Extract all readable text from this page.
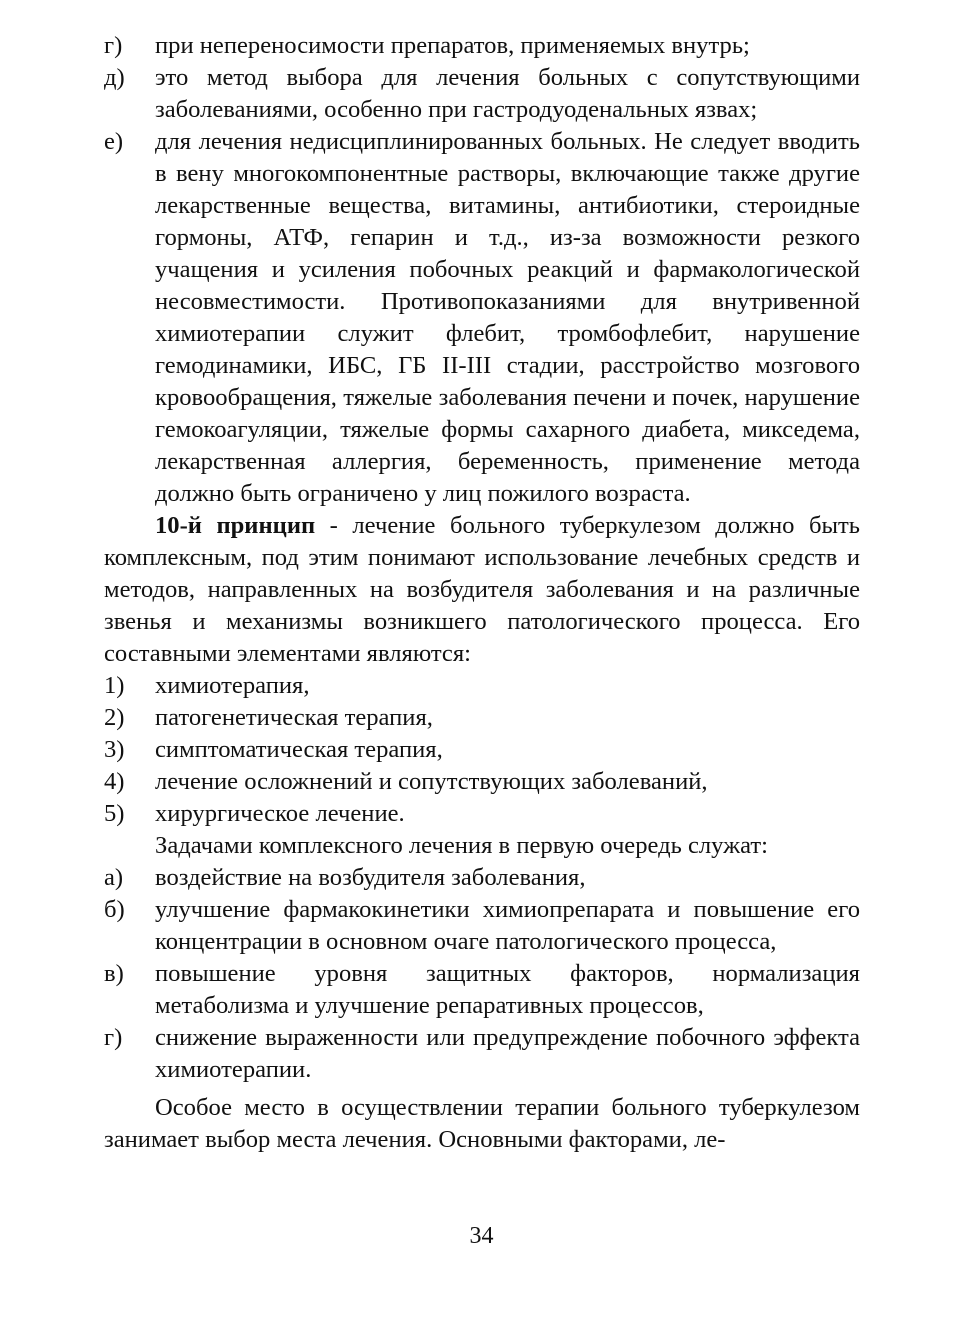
г) при непереносимости препаратов, применяемых внутрь;
д) это метод выбора для лечения больных с сопутствующими заболеваниями, особенно при гастродуоденальных язвах;
е) для лечения недисциплинированных больных. Не следует вводить в вену многокомпонентные растворы, включающие также другие лекарственные вещества, витамины, антибиотики, стероидные гормоны, АТФ, гепарин и т.д., из-за возможности резкого учащения и усиления побочных реакций и фармакологической несовместимости. Противопоказаниями для внутривенной химиотерапии служит флебит, тромбофлебит, нарушение гемодинамики, ИБС, ГБ II-III стадии, расстройство мозгового кровообращения, тяжелые заболевания печени и почек, нарушение гемокоагуляции, тяжелые формы сахарного диабета, микседема, лекарственная аллергия, беременность, применение метода должно быть ограничено у лиц пожилого возраста.

10-й принцип - лечение больного туберкулезом должно быть комплексным, под этим понимают использование лечебных средств и методов, направленных на возбудителя заболевания и на различные звенья и механизмы возникшего патологического процесса. Его составными элементами являются:

1) химиотерапия,
2) патогенетическая терапия,
3) симптоматическая терапия,
4) лечение осложнений и сопутствующих заболеваний,
5) хирургическое лечение.
Задачами комплексного лечения в первую очередь служат:
а) воздействие на возбудителя заболевания,
б) улучшение фармакокинетики химиопрепарата и повышение его концентрации в основном очаге патологического процесса,
в) повышение уровня защитных факторов, нормализация метаболизма и улучшение репаративных процессов,
г) снижение выраженности или предупреждение побочного эффекта химиотерапии.

Особое место в осуществлении терапии больного туберкулезом занимает выбор места лечения. Основными факторами, ле-

34
